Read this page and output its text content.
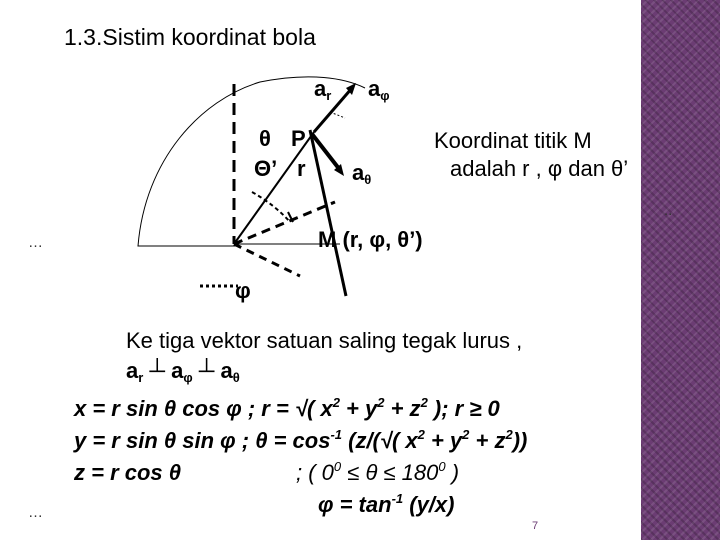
1.3.Sistim koordinat bola
$a_r$ $a_\varphi$
θ P
Θ’ r $a_\theta$
M (r, φ, θ’)
φ
Koordinat titik M
adalah r , φ dan θ’
…
…
..
Ke tiga vektor satuan saling tegak lurus ,
$a_r$ ┴ $a_\varphi$ ┴ $a_\theta$
x = r sin θ cos φ ; r = √( $x^2 + y^2 + z^2$ ); r ≥ 0
y = r sin θ sin φ ; $\theta = \cos^{-1} (z/(√$( $x^2 + y^2 + z^2$))
z = r cos θ	; ( $0^0 \le \theta \le 180^0$ )
$\varphi = \tan^{-1} (y/x)$
7
